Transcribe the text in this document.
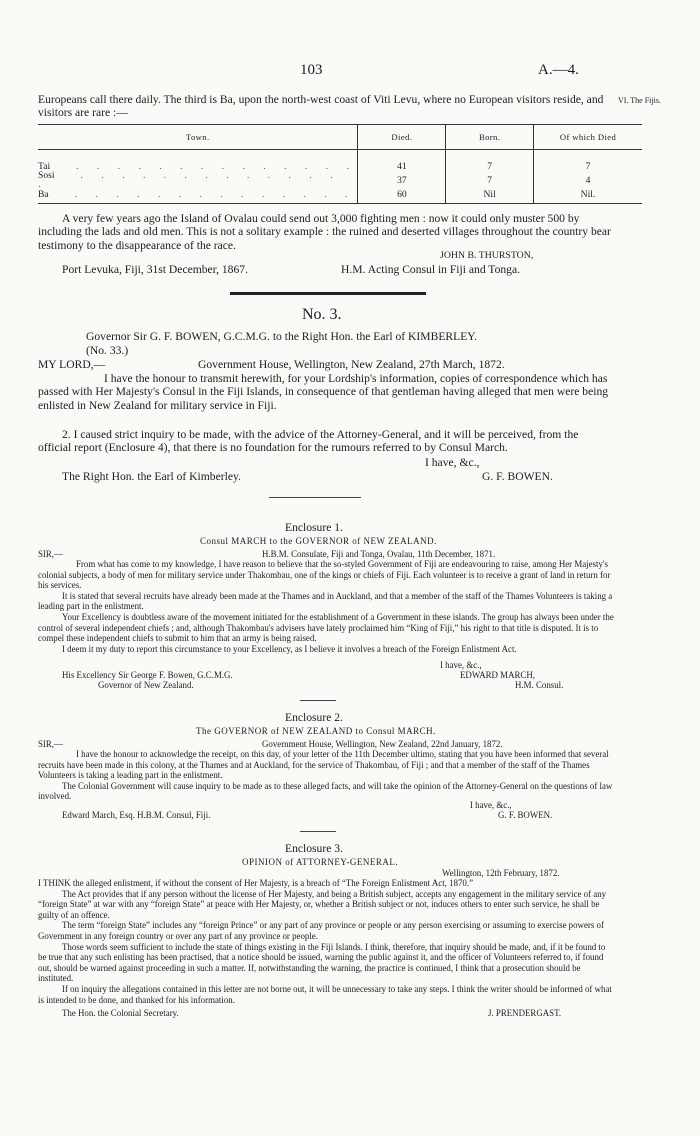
103	A.—4.
VI. The Fijis.
Europeans call there daily. The third is Ba, upon the north-west coast of Viti Levu, where no European visitors reside, and visitors are rare :—
Town.	Died.	Born.	Of which Died
Tai . . . . . . . . . . . . . .	41	7	7
Sosi . . . . . . . . . . . . . .	37	7	4
Ba . . . . . . . . . . . . . .	60	Nil	Nil.
A very few years ago the Island of Ovalau could send out 3,000 fighting men : now it could only muster 500 by including the lads and old men. This is not a solitary example : the ruined and deserted villages throughout the country bear testimony to the disappearance of the race.
JOHN B. THURSTON,
Port Levuka, Fiji, 31st December, 1867.	H.M. Acting Consul in Fiji and Tonga.
No. 3.
Governor Sir G. F. BOWEN, G.C.M.G. to the Right Hon. the Earl of KIMBERLEY.
(No. 33.)
MY LORD,—	Government House, Wellington, New Zealand, 27th March, 1872.
I have the honour to transmit herewith, for your Lordship's information, copies of correspondence which has passed with Her Majesty's Consul in the Fiji Islands, in consequence of that gentleman having alleged that men were being enlisted in New Zealand for military service in Fiji.
2. I caused strict inquiry to be made, with the advice of the Attorney-General, and it will be perceived, from the official report (Enclosure 4), that there is no foundation for the rumours referred to by Consul March.
I have, &c.,
The Right Hon. the Earl of Kimberley.	G. F. BOWEN.
Enclosure 1.
Consul MARCH to the GOVERNOR of NEW ZEALAND.
SIR,—	H.B.M. Consulate, Fiji and Tonga, Ovalau, 11th December, 1871.
From what has come to my knowledge, I have reason to believe that the so-styled Government of Fiji are endeavouring to raise, among Her Majesty's colonial subjects, a body of men for military service under Thakombau, one of the kings or chiefs of Fiji. Each volunteer is to receive a grant of land in return for his services.
It is stated that several recruits have already been made at the Thames and in Auckland, and that a member of the staff of the Thames Volunteers is taking a leading part in the enlistment.
Your Excellency is doubtless aware of the movement initiated for the establishment of a Government in these islands. The group has always been under the control of several independent chiefs ; and, although Thakombau's advisers have lately proclaimed him “King of Fiji,” his right to that title is disputed. It is to compel these independent chiefs to submit to him that an army is being raised.
I deem it my duty to report this circumstance to your Excellency, as I believe it involves a breach of the Foreign Enlistment Act.
I have, &c.,
His Excellency Sir George F. Bowen, G.C.M.G.	EDWARD MARCH,
Governor of New Zealand.	H.M. Consul.
Enclosure 2.
The GOVERNOR of NEW ZEALAND to Consul MARCH.
SIR,—	Government House, Wellington, New Zealand, 22nd January, 1872.
I have the honour to acknowledge the receipt, on this day, of your letter of the 11th December ultimo, stating that you have been informed that several recruits have been made in this colony, at the Thames and at Auckland, for the service of Thakombau, of Fiji ; and that a member of the staff of the Thames Volunteers is taking a leading part in the enlistment.
The Colonial Government will cause inquiry to be made as to these alleged facts, and will take the opinion of the Attorney-General on the questions of law involved.
I have, &c.,
Edward March, Esq. H.B.M. Consul, Fiji.	G. F. BOWEN.
Enclosure 3.
OPINION of ATTORNEY-GENERAL.
Wellington, 12th February, 1872.
I THINK the alleged enlistment, if without the consent of Her Majesty, is a breach of “The Foreign Enlistment Act, 1870.”
The Act provides that if any person without the license of Her Majesty, and being a British subject, accepts any engagement in the military service of any “foreign State” at war with any “foreign State” at peace with Her Majesty, or, whether a British subject or not, induces others to enter such service, he shall be guilty of an offence.
The term “foreign State” includes any “foreign Prince” or any part of any province or people or any person exercising or assuming to exercise powers of Government in any foreign country or over any part of any province or people.
Those words seem sufficient to include the state of things existing in the Fiji Islands. I think, therefore, that inquiry should be made, and, if it be found to be true that any such enlisting has been practised, that a notice should be issued, warning the public against it, and the officer of Volunteers referred to, if found out, should be warned against proceeding in such a matter. If, notwithstanding the warning, the practice is continued, I think that a prosecution should be instituted.
If on inquiry the allegations contained in this letter are not borne out, it will be unnecessary to take any steps. I think the writer should be informed of what is intended to be done, and thanked for his information.
The Hon. the Colonial Secretary.	J. PRENDERGAST.
